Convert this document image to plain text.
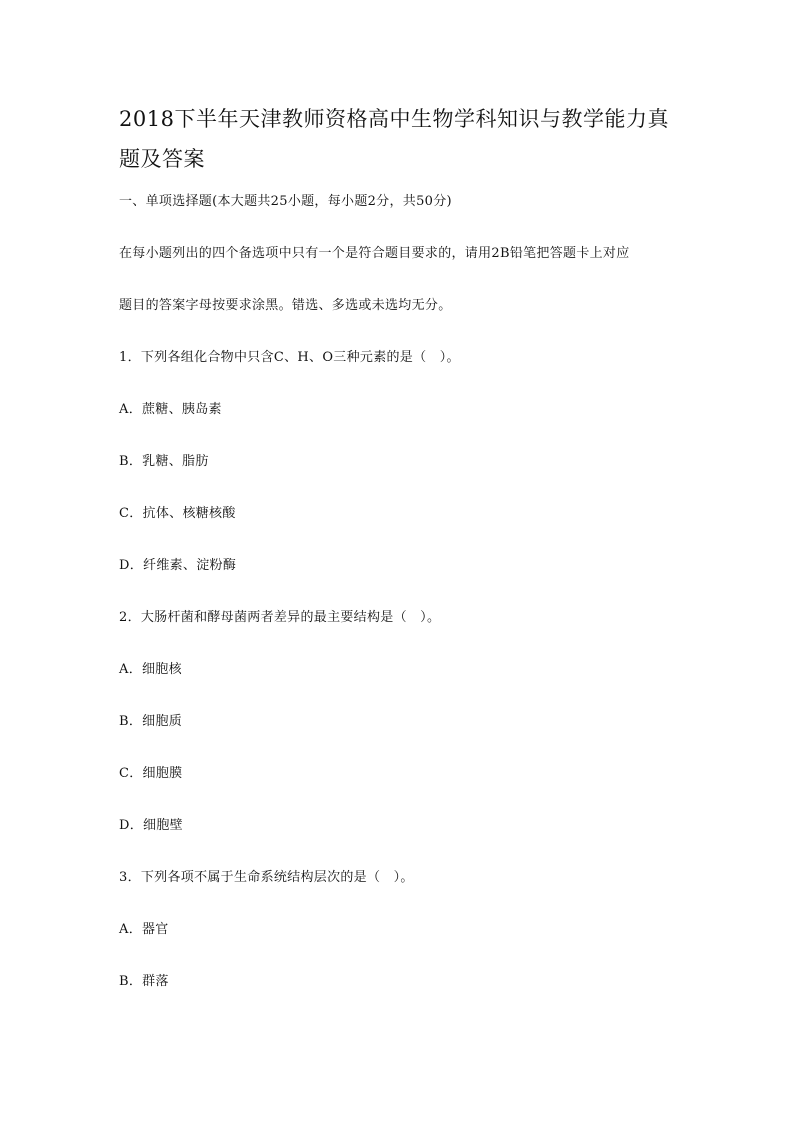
2018下半年天津教师资格高中生物学科知识与教学能力真
题及答案
一、单项选择题(本大题共25小题，每小题2分，共50分)
在每小题列出的四个备选项中只有一个是符合题目要求的，请用2B铅笔把答题卡上对应
题目的答案字母按要求涂黑。错选、多选或未选均无分。
1．下列各组化合物中只含C、H、O三种元素的是（　）。
A．蔗糖、胰岛素
B．乳糖、脂肪
C．抗体、核糖核酸
D．纤维素、淀粉酶
2．大肠杆菌和酵母菌两者差异的最主要结构是（　）。
A．细胞核
B．细胞质
C．细胞膜
D．细胞壁
3．下列各项不属于生命系统结构层次的是（　）。
A．器官
B．群落
